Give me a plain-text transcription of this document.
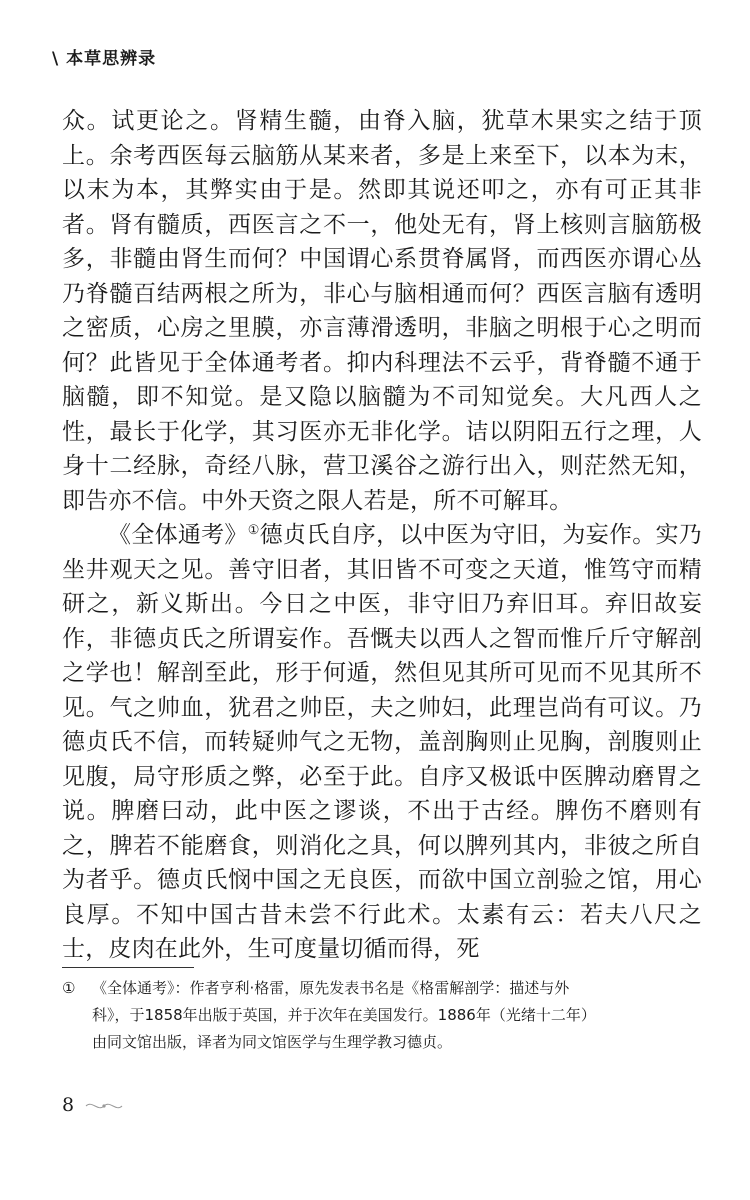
\ 本草思辨录

众。试更论之。肾精生髓，由脊入脑，犹草木果实之结于顶上。余考西医每云脑筋从某来者，多是上来至下，以本为末，以末为本，其弊实由于是。然即其说还叩之，亦有可正其非者。肾有髓质，西医言之不一，他处无有，肾上核则言脑筋极多，非髓由肾生而何？中国谓心系贯脊属肾，而西医亦谓心丛乃脊髓百结两根之所为，非心与脑相通而何？西医言脑有透明之密质，心房之里膜，亦言薄滑透明，非脑之明根于心之明而何？此皆见于全体通考者。抑内科理法不云乎，背脊髓不通于脑髓，即不知觉。是又隐以脑髓为不司知觉矣。大凡西人之性，最长于化学，其习医亦无非化学。诘以阴阳五行之理，人身十二经脉，奇经八脉，营卫溪谷之游行出入，则茫然无知，即告亦不信。中外天资之限人若是，所不可解耳。

《全体通考》①德贞氏自序，以中医为守旧，为妄作。实乃坐井观天之见。善守旧者，其旧皆不可变之天道，惟笃守而精研之，新义斯出。今日之中医，非守旧乃弃旧耳。弃旧故妄作，非德贞氏之所谓妄作。吾慨夫以西人之智而惟斤斤守解剖之学也！解剖至此，形于何遁，然但见其所可见而不见其所不见。气之帅血，犹君之帅臣，夫之帅妇，此理岂尚有可议。乃德贞氏不信，而转疑帅气之无物，盖剖胸则止见胸，剖腹则止见腹，局守形质之弊，必至于此。自序又极诋中医脾动磨胃之说。脾磨曰动，此中医之谬谈，不出于古经。脾伤不磨则有之，脾若不能磨食，则消化之具，何以脾列其内，非彼之所自为者乎。德贞氏悯中国之无良医，而欲中国立剖验之馆，用心良厚。不知中国古昔未尝不行此术。太素有云：若夫八尺之士，皮肉在此外，生可度量切循而得，死

① 《全体通考》：作者亨利·格雷，原先发表书名是《格雷解剖学：描述与外
科》，于1858年出版于英国，并于次年在美国发行。1886年（光绪十二年）
由同文馆出版，译者为同文馆医学与生理学教习德贞。
8
